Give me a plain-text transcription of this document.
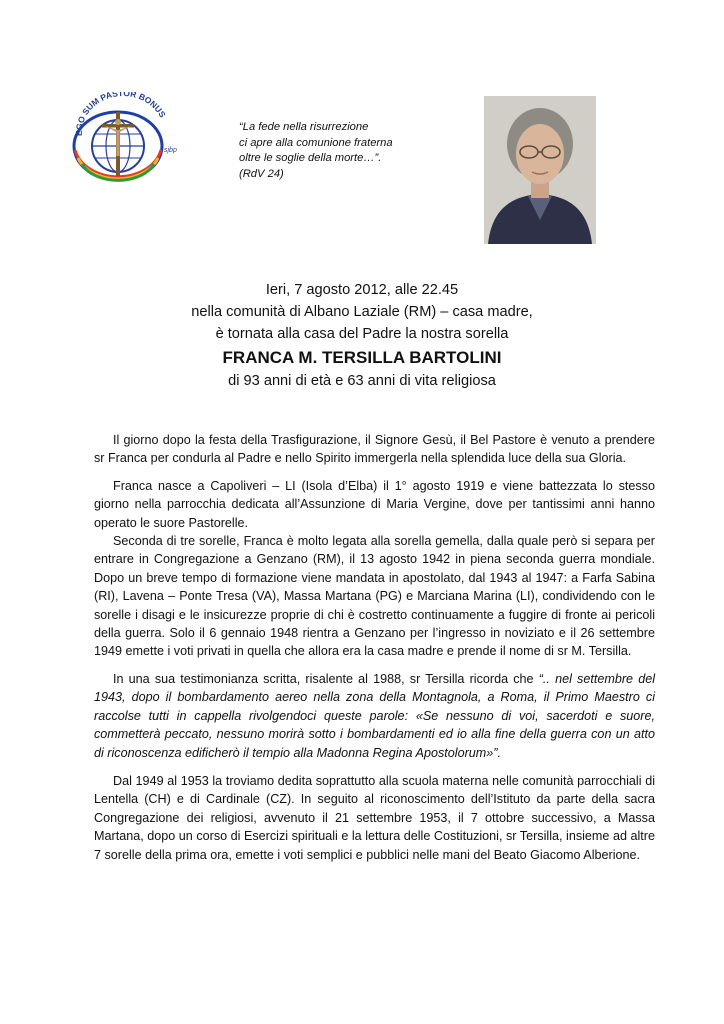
EGO SUM PASTOR BONUS
sjbp
“La fede nella risurrezione
ci apre alla comunione fraterna
oltre le soglie della morte…”.
(RdV 24)
Ieri, 7 agosto 2012, alle 22.45
nella comunità di Albano Laziale (RM) – casa madre,
è tornata alla casa del Padre la nostra sorella
FRANCA M. TERSILLA BARTOLINI
di 93 anni di età e 63 anni di vita religiosa

Il giorno dopo la festa della Trasfigurazione, il Signore Gesù, il Bel Pastore è venuto a prendere sr Franca per condurla al Padre e nello Spirito immergerla nella splendida luce della sua Gloria.

Franca nasce a Capoliveri – LI (Isola d’Elba) il 1° agosto 1919 e viene battezzata lo stesso giorno nella parrocchia dedicata all’Assunzione di Maria Vergine, dove per tantissimi anni hanno operato le suore Pastorelle.

Seconda di tre sorelle, Franca è molto legata alla sorella gemella, dalla quale però si separa per entrare in Congregazione a Genzano (RM), il 13 agosto 1942 in piena seconda guerra mondiale. Dopo un breve tempo di formazione viene mandata in apostolato, dal 1943 al 1947: a Farfa Sabina (RI), Lavena – Ponte Tresa (VA), Massa Martana (PG) e Marciana Marina (LI), condividendo con le sorelle i disagi e le insicurezze proprie di chi è costretto continuamente a fuggire di fronte ai pericoli della guerra. Solo il 6 gennaio 1948 rientra a Genzano per l’ingresso in noviziato e il 26 settembre 1949 emette i voti privati in quella che allora era la casa madre e prende il nome di sr M. Tersilla.

In una sua testimonianza scritta, risalente al 1988, sr Tersilla ricorda che “.. nel settembre del 1943, dopo il bombardamento aereo nella zona della Montagnola, a Roma, il Primo Maestro ci raccolse tutti in cappella rivolgendoci queste parole: «Se nessuno di voi, sacerdoti e suore, commetterà peccato, nessuno morirà sotto i bombardamenti ed io alla fine della guerra con un atto di riconoscenza edificherò il tempio alla Madonna Regina Apostolorum»”.

Dal 1949 al 1953 la troviamo dedita soprattutto alla scuola materna nelle comunità parrocchiali di Lentella (CH) e di Cardinale (CZ). In seguito al riconoscimento dell’Istituto da parte della sacra Congregazione dei religiosi, avvenuto il 21 settembre 1953, il 7 ottobre successivo, a Massa Martana, dopo un corso di Esercizi spirituali e la lettura delle Costituzioni, sr Tersilla, insieme ad altre 7 sorelle della prima ora, emette i voti semplici e pubblici nelle mani del Beato Giacomo Alberione.
